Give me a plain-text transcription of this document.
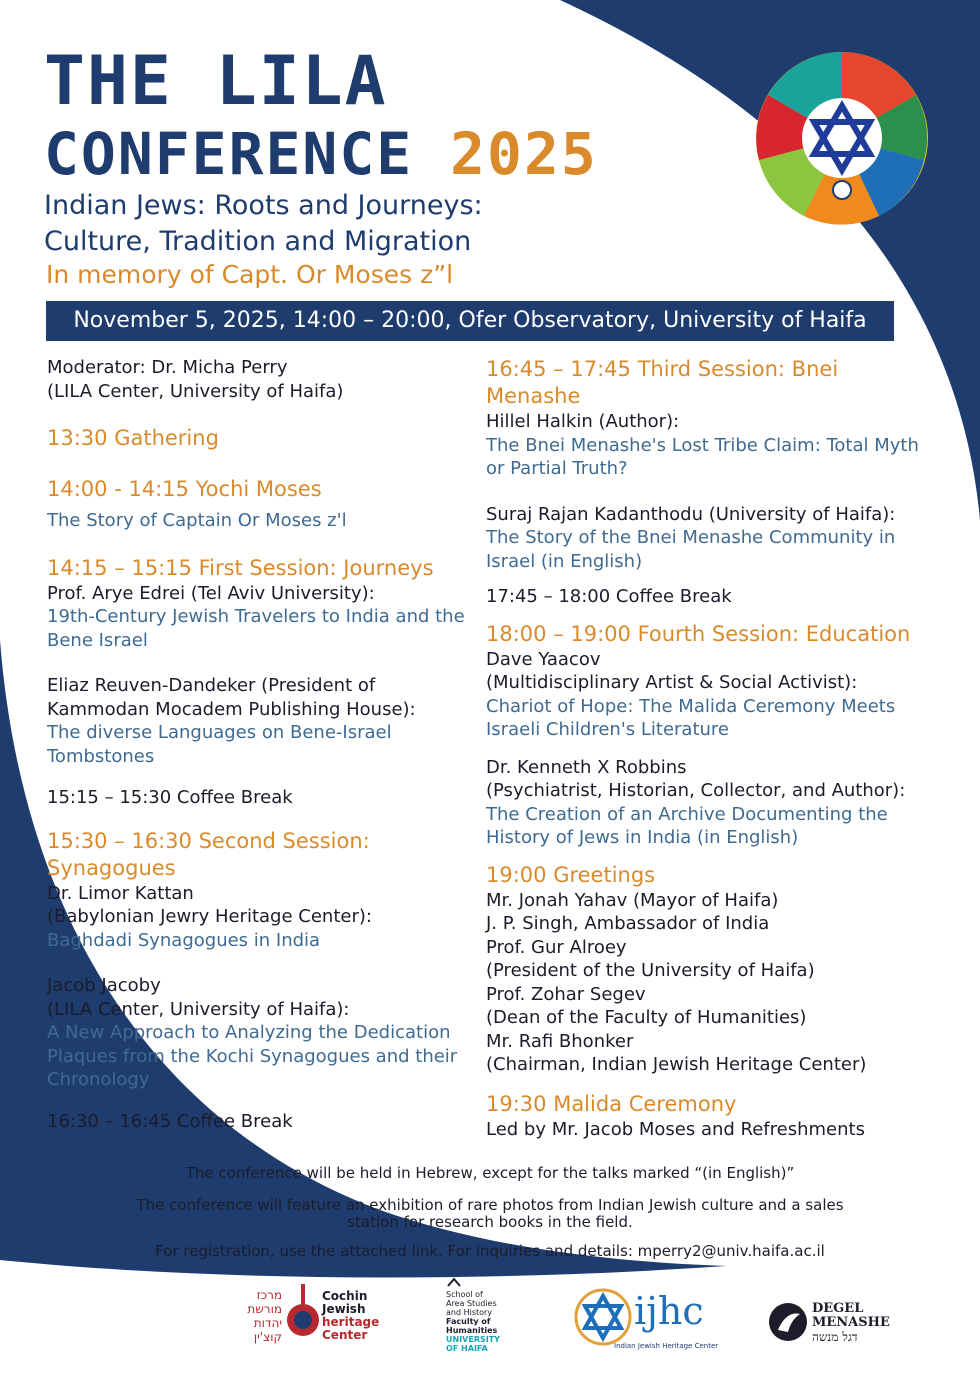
THE LILA
CONFERENCE 2025
Indian Jews: Roots and Journeys:
Culture, Tradition and Migration
In memory of Capt. Or Moses z”l
November 5, 2025, 14:00 – 20:00, Ofer Observatory, University of Haifa
Moderator: Dr. Micha Perry
(LILA Center, University of Haifa)
13:30 Gathering
14:00 - 14:15 Yochi Moses
The Story of Captain Or Moses z'l
14:15 – 15:15 First Session: Journeys
Prof. Arye Edrei (Tel Aviv University):
19th-Century Jewish Travelers to India and the Bene Israel
Eliaz Reuven-Dandeker (President of Kammodan Mocadem Publishing House):
The diverse Languages on Bene-Israel Tombstones
15:15 – 15:30 Coffee Break
15:30 – 16:30 Second Session: Synagogues
Dr. Limor Kattan
(Babylonian Jewry Heritage Center):
Baghdadi Synagogues in India
Jacob Jacoby
(LILA Center, University of Haifa):
A New Approach to Analyzing the Dedication Plaques from the Kochi Synagogues and their Chronology
16:30 – 16:45 Coffee Break
16:45 – 17:45 Third Session: Bnei Menashe
Hillel Halkin (Author):
The Bnei Menashe's Lost Tribe Claim: Total Myth or Partial Truth?
Suraj Rajan Kadanthodu (University of Haifa):
The Story of the Bnei Menashe Community in Israel (in English)
17:45 – 18:00 Coffee Break
18:00 – 19:00 Fourth Session: Education
Dave Yaacov
(Multidisciplinary Artist & Social Activist):
Chariot of Hope: The Malida Ceremony Meets Israeli Children's Literature
Dr. Kenneth X Robbins
(Psychiatrist, Historian, Collector, and Author):
The Creation of an Archive Documenting the History of Jews in India (in English)
19:00 Greetings
Mr. Jonah Yahav (Mayor of Haifa)
J. P. Singh, Ambassador of India
Prof. Gur Alroey
(President of the University of Haifa)
Prof. Zohar Segev
(Dean of the Faculty of Humanities)
Mr. Rafi Bhonker
(Chairman, Indian Jewish Heritage Center)
19:30 Malida Ceremony
Led by Mr. Jacob Moses and Refreshments
The conference will be held in Hebrew, except for the talks marked “(in English)”
The conference will feature an exhibition of rare photos from Indian Jewish culture and a sales station for research books in the field.
For registration, use the attached link. For inquiries and details: mperry2@univ.haifa.ac.il
מרכז
מורשת
יהדות
קוצ'ין
Cochin
Jewish
heritage
Center
School of
Area Studies
and History
Faculty of
Humanities
UNIVERSITY
OF HAIFA
ijhc
Indian Jewish Heritage Center
DEGEL
MENASHE
דגל מנשה
